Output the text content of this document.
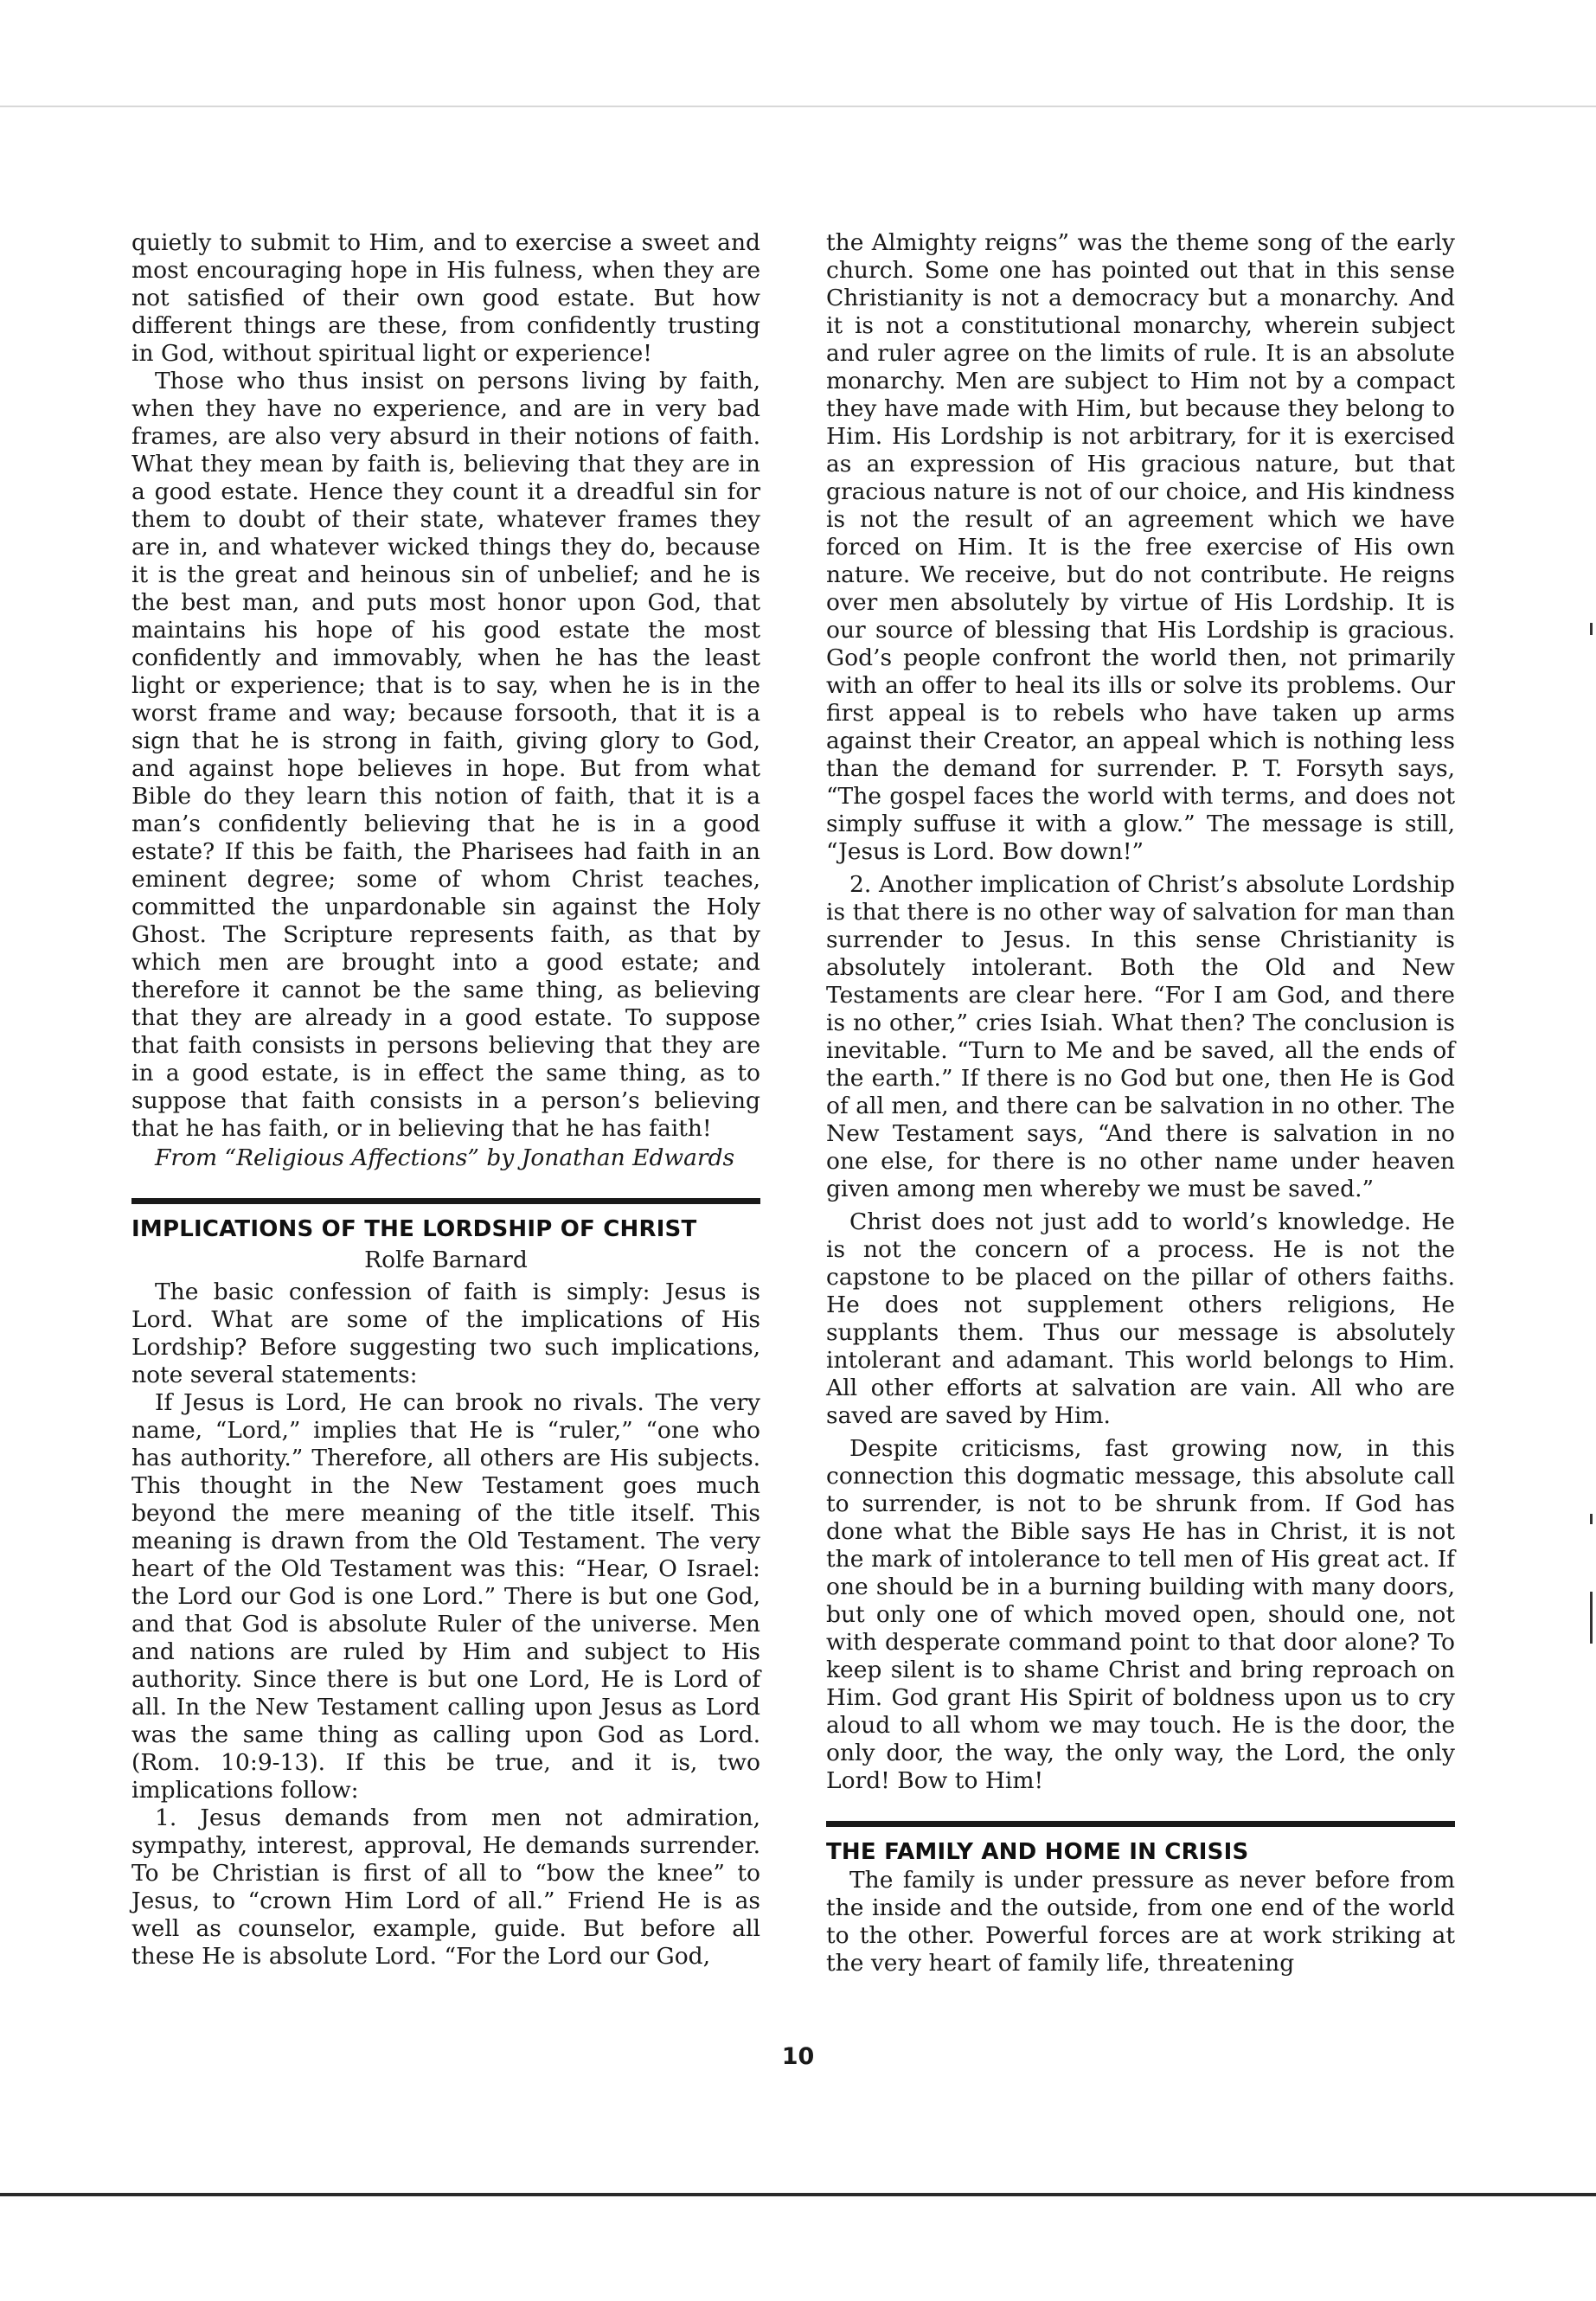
quietly to submit to Him, and to exercise a sweet and most encouraging hope in His fulness, when they are not satisfied of their own good estate. But how different things are these, from confidently trusting in God, without spiritual light or experience!

Those who thus insist on persons living by faith, when they have no experience, and are in very bad frames, are also very absurd in their notions of faith. What they mean by faith is, believing that they are in a good estate. Hence they count it a dreadful sin for them to doubt of their state, whatever frames they are in, and whatever wicked things they do, because it is the great and heinous sin of unbelief; and he is the best man, and puts most honor upon God, that maintains his hope of his good estate the most confidently and immovably, when he has the least light or experience; that is to say, when he is in the worst frame and way; because forsooth, that it is a sign that he is strong in faith, giving glory to God, and against hope believes in hope. But from what Bible do they learn this notion of faith, that it is a man’s confidently believing that he is in a good estate? If this be faith, the Pharisees had faith in an eminent degree; some of whom Christ teaches, committed the unpardonable sin against the Holy Ghost. The Scripture represents faith, as that by which men are brought into a good estate; and therefore it cannot be the same thing, as believing that they are already in a good estate. To suppose that faith consists in persons believing that they are in a good estate, is in effect the same thing, as to suppose that faith consists in a person’s believing that he has faith, or in believing that he has faith!

From “Religious Affections” by Jonathan Edwards

IMPLICATIONS OF THE LORDSHIP OF CHRIST
Rolfe Barnard

The basic confession of faith is simply: Jesus is Lord. What are some of the implications of His Lordship? Before suggesting two such implications, note several statements:

If Jesus is Lord, He can brook no rivals. The very name, “Lord,” implies that He is “ruler,” “one who has authority.” Therefore, all others are His subjects. This thought in the New Testament goes much beyond the mere meaning of the title itself. This meaning is drawn from the Old Testament. The very heart of the Old Testament was this: “Hear, O Israel: the Lord our God is one Lord.” There is but one God, and that God is absolute Ruler of the universe. Men and nations are ruled by Him and subject to His authority. Since there is but one Lord, He is Lord of all. In the New Testament calling upon Jesus as Lord was the same thing as calling upon God as Lord. (Rom. 10:9-13). If this be true, and it is, two implications follow:

1. Jesus demands from men not admiration, sympathy, interest, approval, He demands surrender. To be Christian is first of all to “bow the knee” to Jesus, to “crown Him Lord of all.” Friend He is as well as counselor, example, guide. But before all these He is absolute Lord. “For the Lord our God,

the Almighty reigns” was the theme song of the early church. Some one has pointed out that in this sense Christianity is not a democracy but a monarchy. And it is not a constitutional monarchy, wherein subject and ruler agree on the limits of rule. It is an absolute monarchy. Men are subject to Him not by a compact they have made with Him, but because they belong to Him. His Lordship is not arbitrary, for it is exercised as an expression of His gracious nature, but that gracious nature is not of our choice, and His kindness is not the result of an agreement which we have forced on Him. It is the free exercise of His own nature. We receive, but do not contribute. He reigns over men absolutely by virtue of His Lordship. It is our source of blessing that His Lordship is gracious. God’s people confront the world then, not primarily with an offer to heal its ills or solve its problems. Our first appeal is to rebels who have taken up arms against their Creator, an appeal which is nothing less than the demand for surrender. P. T. Forsyth says, “The gospel faces the world with terms, and does not simply suffuse it with a glow.” The message is still, “Jesus is Lord. Bow down!”

2. Another implication of Christ’s absolute Lordship is that there is no other way of salvation for man than surrender to Jesus. In this sense Christianity is absolutely intolerant. Both the Old and New Testaments are clear here. “For I am God, and there is no other,” cries Isiah. What then? The conclusion is inevitable. “Turn to Me and be saved, all the ends of the earth.” If there is no God but one, then He is God of all men, and there can be salvation in no other. The New Testament says, “And there is salvation in no one else, for there is no other name under heaven given among men whereby we must be saved.”

Christ does not just add to world’s knowledge. He is not the concern of a process. He is not the capstone to be placed on the pillar of others faiths. He does not supplement others religions, He supplants them. Thus our message is absolutely intolerant and adamant. This world belongs to Him. All other efforts at salvation are vain. All who are saved are saved by Him.

Despite criticisms, fast growing now, in this connection this dogmatic message, this absolute call to surrender, is not to be shrunk from. If God has done what the Bible says He has in Christ, it is not the mark of intolerance to tell men of His great act. If one should be in a burning building with many doors, but only one of which moved open, should one, not with desperate command point to that door alone? To keep silent is to shame Christ and bring reproach on Him. God grant His Spirit of boldness upon us to cry aloud to all whom we may touch. He is the door, the only door, the way, the only way, the Lord, the only Lord! Bow to Him!

THE FAMILY AND HOME IN CRISIS

The family is under pressure as never before from the inside and the outside, from one end of the world to the other. Powerful forces are at work striking at the very heart of family life, threatening

10
